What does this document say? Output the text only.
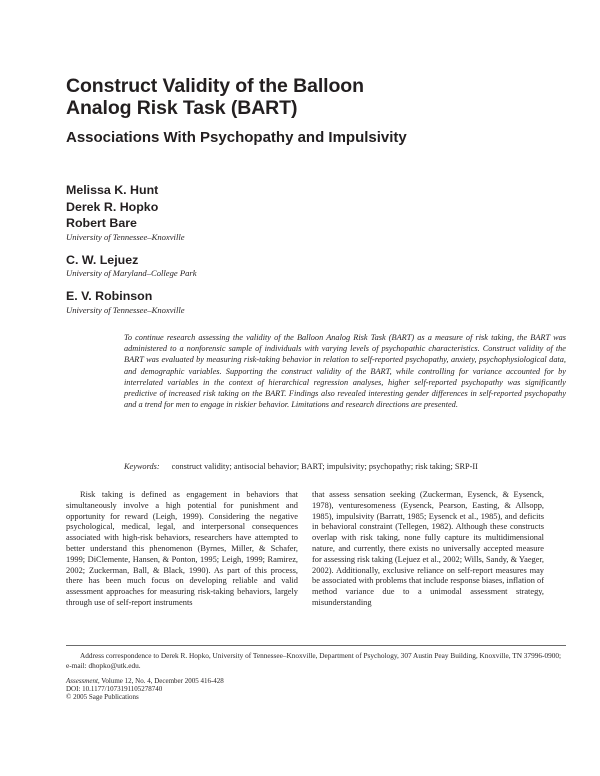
Construct Validity of the Balloon
Analog Risk Task (BART)
Associations With Psychopathy and Impulsivity
Melissa K. Hunt
Derek R. Hopko
Robert Bare
University of Tennessee–Knoxville
C. W. Lejuez
University of Maryland–College Park
E. V. Robinson
University of Tennessee–Knoxville

To continue research assessing the validity of the Balloon Analog Risk Task (BART) as a measure of risk taking, the BART was administered to a nonforensic sample of individuals with varying levels of psychopathic characteristics. Construct validity of the BART was evaluated by measuring risk-taking behavior in relation to self-reported psychopathy, anxiety, psychophysiological data, and demographic variables. Supporting the construct validity of the BART, while controlling for variance accounted for by interrelated variables in the context of hierarchical regression analyses, higher self-reported psychopathy was significantly predictive of increased risk taking on the BART. Findings also revealed interesting gender differences in self-reported psychopathy and a trend for men to engage in riskier behavior. Limitations and research directions are presented.

Keywords: construct validity; antisocial behavior; BART; impulsivity; psychopathy; risk taking; SRP-II

Risk taking is defined as engagement in behaviors that simultaneously involve a high potential for punishment and opportunity for reward (Leigh, 1999). Considering the negative psychological, medical, legal, and interpersonal consequences associated with high-risk behaviors, researchers have attempted to better understand this phenomenon (Byrnes, Miller, & Schafer, 1999; DiClemente, Hansen, & Ponton, 1995; Leigh, 1999; Ramirez, 2002; Zuckerman, Ball, & Black, 1990). As part of this process, there has been much focus on developing reliable and valid assessment approaches for measuring risk-taking behaviors, largely through use of self-report instruments

that assess sensation seeking (Zuckerman, Eysenck, & Eysenck, 1978), venturesomeness (Eysenck, Pearson, Easting, & Allsopp, 1985), impulsivity (Barratt, 1985; Eysenck et al., 1985), and deficits in behavioral constraint (Tellegen, 1982). Although these constructs overlap with risk taking, none fully capture its multidimensional nature, and currently, there exists no universally accepted measure for assessing risk taking (Lejuez et al., 2002; Wills, Sandy, & Yaeger, 2002). Additionally, exclusive reliance on self-report measures may be associated with problems that include response biases, inflation of method variance due to a unimodal assessment strategy, misunderstanding

Address correspondence to Derek R. Hopko, University of Tennessee–Knoxville, Department of Psychology, 307 Austin Peay Building, Knoxville, TN 37996-0900; e-mail: dhopko@utk.edu.

Assessment, Volume 12, No. 4, December 2005 416-428
DOI: 10.1177/1073191105278740
© 2005 Sage Publications
